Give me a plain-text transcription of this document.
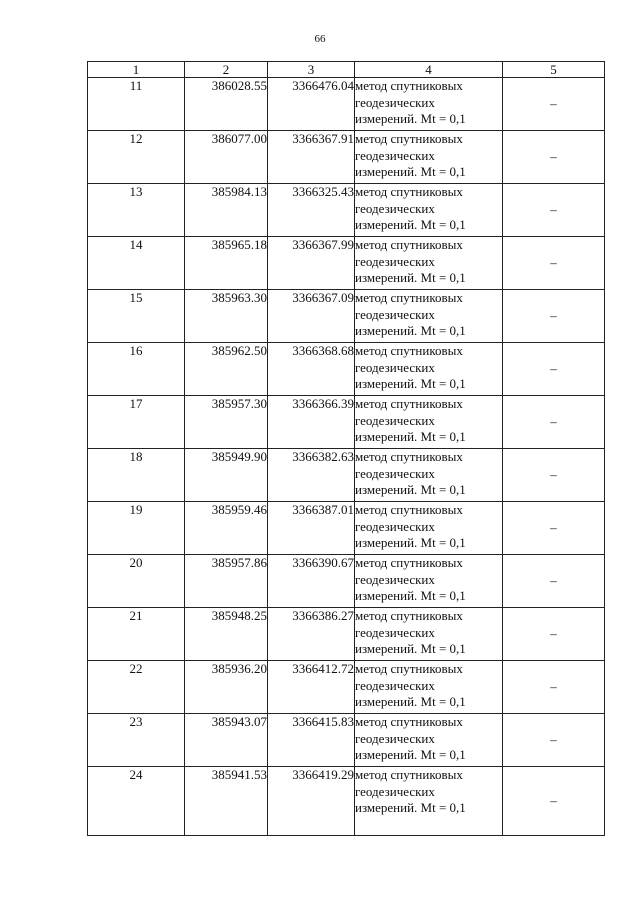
66
1	2	3	4	5
11	386028.55	3366476.04	метод спутниковых
геодезических
измерений. Mt = 0,1	–
12	386077.00	3366367.91	метод спутниковых
геодезических
измерений. Mt = 0,1	–
13	385984.13	3366325.43	метод спутниковых
геодезических
измерений. Mt = 0,1	–
14	385965.18	3366367.99	метод спутниковых
геодезических
измерений. Mt = 0,1	–
15	385963.30	3366367.09	метод спутниковых
геодезических
измерений. Mt = 0,1	–
16	385962.50	3366368.68	метод спутниковых
геодезических
измерений. Mt = 0,1	–
17	385957.30	3366366.39	метод спутниковых
геодезических
измерений. Mt = 0,1	–
18	385949.90	3366382.63	метод спутниковых
геодезических
измерений. Mt = 0,1	–
19	385959.46	3366387.01	метод спутниковых
геодезических
измерений. Mt = 0,1	–
20	385957.86	3366390.67	метод спутниковых
геодезических
измерений. Mt = 0,1	–
21	385948.25	3366386.27	метод спутниковых
геодезических
измерений. Mt = 0,1	–
22	385936.20	3366412.72	метод спутниковых
геодезических
измерений. Mt = 0,1	–
23	385943.07	3366415.83	метод спутниковых
геодезических
измерений. Mt = 0,1	–
24	385941.53	3366419.29	метод спутниковых
геодезических
измерений. Mt = 0,1	–
